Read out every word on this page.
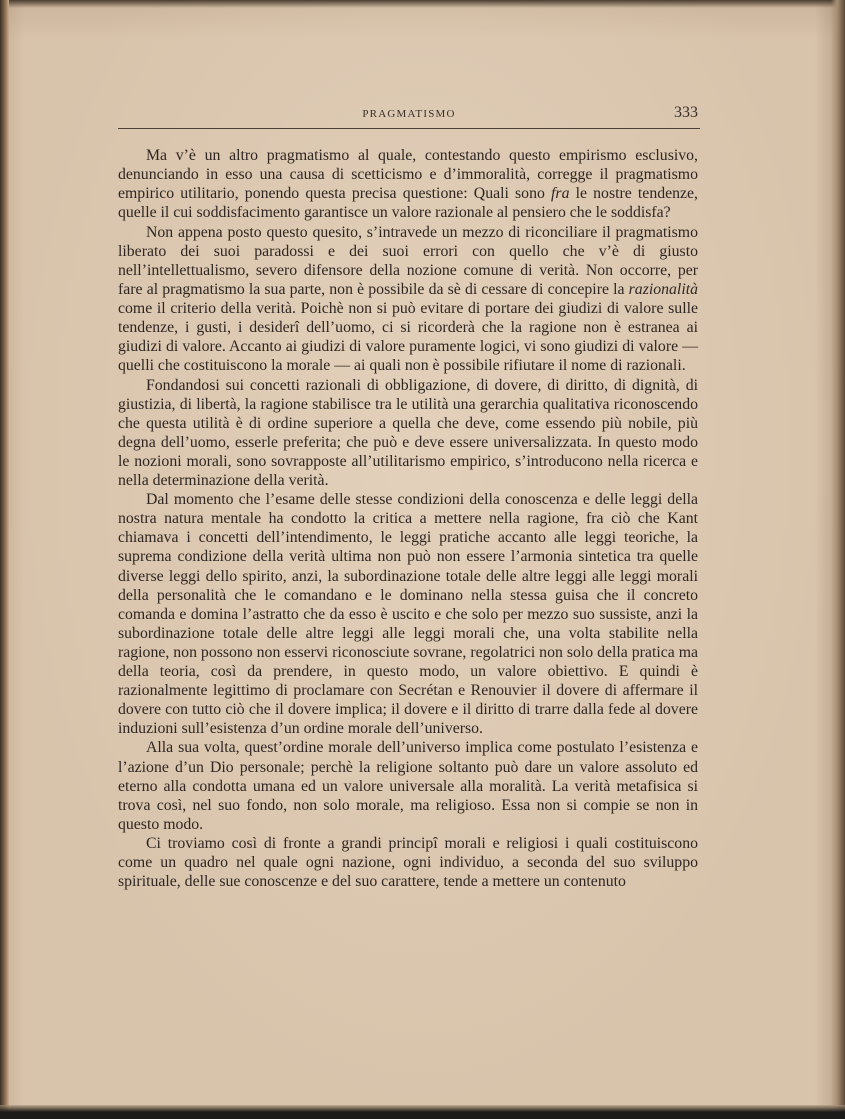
PRAGMATISMO	333

Ma v’è un altro pragmatismo al quale, contestando questo empirismo esclusivo, denunciando in esso una causa di scetticismo e d’immoralità, corregge il pragmatismo empirico utilitario, ponendo questa precisa questione: Quali sono fra le nostre tendenze, quelle il cui soddisfacimento garantisce un valore razionale al pensiero che le soddisfa?

Non appena posto questo quesito, s’intravede un mezzo di riconciliare il pragmatismo liberato dei suoi paradossi e dei suoi errori con quello che v’è di giusto nell’intellettualismo, severo difensore della nozione comune di verità. Non occorre, per fare al pragmatismo la sua parte, non è possibile da sè di cessare di concepire la razionalità come il criterio della verità. Poichè non si può evitare di portare dei giudizi di valore sulle tendenze, i gusti, i desiderî dell’uomo, ci si ricorderà che la ragione non è estranea ai giudizi di valore. Accanto ai giudizi di valore puramente logici, vi sono giudizi di valore — quelli che costituiscono la morale — ai quali non è possibile rifiutare il nome di razionali.

Fondandosi sui concetti razionali di obbligazione, di dovere, di diritto, di dignità, di giustizia, di libertà, la ragione stabilisce tra le utilità una gerarchia qualitativa riconoscendo che questa utilità è di ordine superiore a quella che deve, come essendo più nobile, più degna dell’uomo, esserle preferita; che può e deve essere universalizzata. In questo modo le nozioni morali, sono sovrapposte all’utilitarismo empirico, s’introducono nella ricerca e nella determinazione della verità.

Dal momento che l’esame delle stesse condizioni della conoscenza e delle leggi della nostra natura mentale ha condotto la critica a mettere nella ragione, fra ciò che Kant chiamava i concetti dell’intendimento, le leggi pratiche accanto alle leggi teoriche, la suprema condizione della verità ultima non può non essere l’armonia sintetica tra quelle diverse leggi dello spirito, anzi, la subordinazione totale delle altre leggi alle leggi morali della personalità che le comandano e le dominano nella stessa guisa che il concreto comanda e domina l’astratto che da esso è uscito e che solo per mezzo suo sussiste, anzi la subordinazione totale delle altre leggi alle leggi morali che, una volta stabilite nella ragione, non possono non esservi riconosciute sovrane, regolatrici non solo della pratica ma della teoria, così da prendere, in questo modo, un valore obiettivo. E quindi è razionalmente legittimo di proclamare con Secrétan e Renouvier il dovere di affermare il dovere con tutto ciò che il dovere implica; il dovere e il diritto di trarre dalla fede al dovere induzioni sull’esistenza d’un ordine morale dell’universo.

Alla sua volta, quest’ordine morale dell’universo implica come postulato l’esistenza e l’azione d’un Dio personale; perchè la religione soltanto può dare un valore assoluto ed eterno alla condotta umana ed un valore universale alla moralità. La verità metafisica si trova così, nel suo fondo, non solo morale, ma religioso. Essa non si compie se non in questo modo.

Ci troviamo così di fronte a grandi principî morali e religiosi i quali costituiscono come un quadro nel quale ogni nazione, ogni individuo, a seconda del suo sviluppo spirituale, delle sue conoscenze e del suo carattere, tende a mettere un contenuto
